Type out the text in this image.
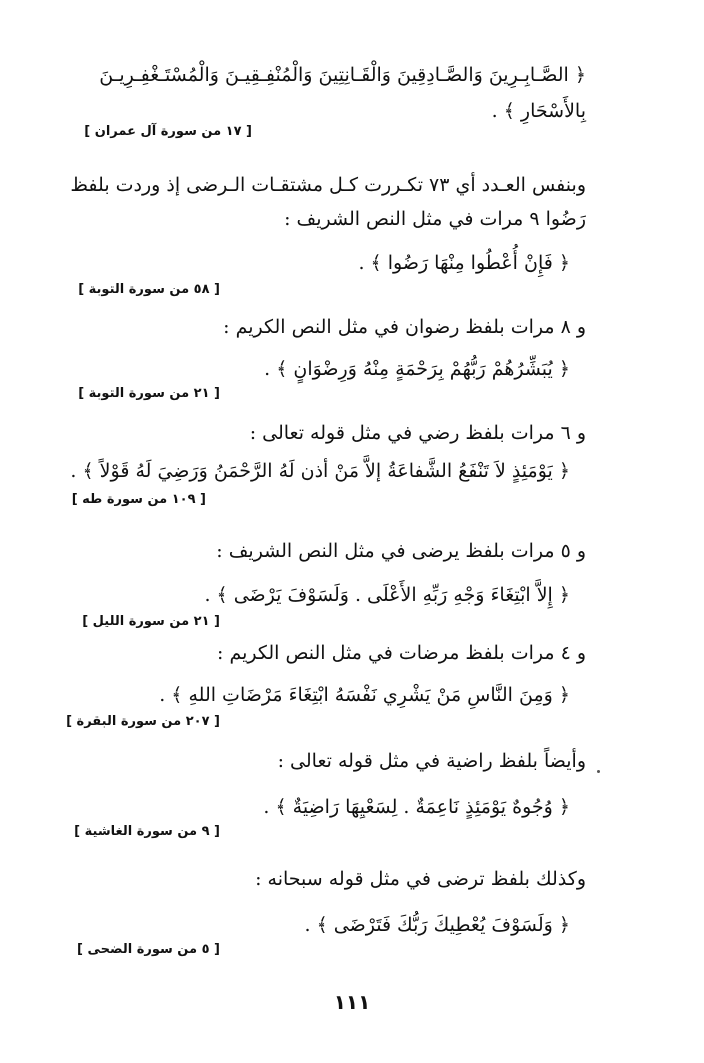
﴿ الصَّـابِـرِينَ وَالصَّـادِقِينَ وَالْقَـانِتِينَ وَالْمُنْفِـقِيـنَ وَالْمُسْتَـغْفِـرِيـنَ
بِالأَسْحَارِ ﴾ .
[ ١٧ من سورة آل عمران ]
وبنفس العـدد أي ٧٣ تكـررت كـل مشتقـات الـرضى إذ وردت بلفظ
رَضُوا ٩ مرات في مثل النص الشريف :
﴿ فَإِنْ أُعْطُوا مِنْهَا رَضُوا ﴾ .
[ ٥٨ من سورة التوبة ]
و ٨ مرات بلفظ رضوان في مثل النص الكريم :
﴿ يُبَشِّرُهُمْ رَبُّهُمْ بِرَحْمَةٍ مِنْهُ وَرِضْوَانٍ ﴾ .
[ ٢١ من سورة التوبة ]
و ٦ مرات بلفظ رضي في مثل قوله تعالى :
﴿ يَوْمَئِذٍ لاَ تَنْفَعُ الشَّفاعَةُ إلاَّ مَنْ أذن لَهُ الرَّحْمَنُ وَرَضِيَ لَهُ قَوْلاً ﴾ .
[ ١٠٩ من سورة طه ]
و ٥ مرات بلفظ يرضى في مثل النص الشريف :
﴿ إِلاَّ ابْتِغَاءَ وَجْهِ رَبِّهِ الأَعْلَى . وَلَسَوْفَ يَرْضَى ﴾ .
[ ٢١ من سورة الليل ]
و ٤ مرات بلفظ مرضات في مثل النص الكريم :
﴿ وَمِنَ النَّاسِ مَنْ يَشْرِي نَفْسَهُ ابْتِغَاءَ مَرْضَاتِ اللهِ ﴾ .
[ ٢٠٧ من سورة البقرة ]
وأيضاً بلفظ راضية في مثل قوله تعالى :
﴿ وُجُوهٌ يَوْمَئِذٍ نَاعِمَةٌ . لِسَعْيِهَا رَاضِيَةٌ ﴾ .
[ ٩ من سورة الغاشية ]
وكذلك بلفظ ترضى في مثل قوله سبحانه :
﴿ وَلَسَوْفَ يُعْطِيكَ رَبُّكَ فَتَرْضَى ﴾ .
[ ٥ من سورة الضحى ]
١١١
